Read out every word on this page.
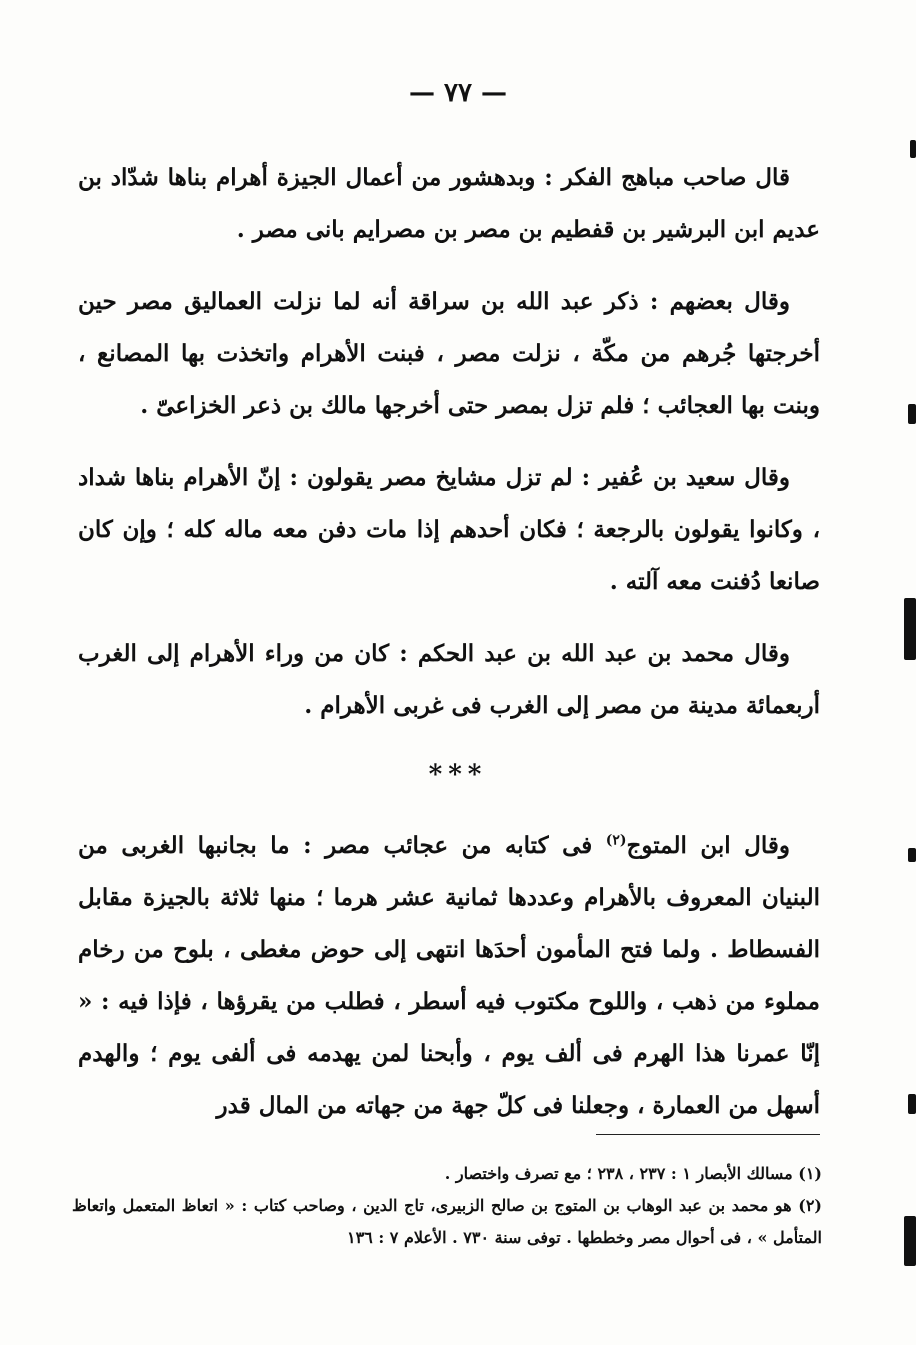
— ٧٧ —

قال صاحب مباهج الفكر : وبدهشور من أعمال الجيزة أهرام بناها شدّاد بن عديم ابن البرشير بن قفطيم بن مصر بن مصرايم بانى مصر .

وقال بعضهم : ذكر عبد الله بن سراقة أنه لما نزلت العماليق مصر حين أخرجتها جُرهم من مكّة ، نزلت مصر ، فبنت الأهرام واتخذت بها المصانع ، وبنت بها العجائب ؛ فلم تزل بمصر حتى أخرجها مالك بن ذعر الخزاعىّ .

وقال سعيد بن عُفير : لم تزل مشايخ مصر يقولون : إنّ الأهرام بناها شداد ، وكانوا يقولون بالرجعة ؛ فكان أحدهم إذا مات دفن معه ماله كله ؛ وإن كان صانعا دُفنت معه آلته .

وقال محمد بن عبد الله بن عبد الحكم : كان من وراء الأهرام إلى الغرب أربعمائة مدينة من مصر إلى الغرب فى غربى الأهرام .

***

وقال ابن المتوج$^{(٢)}$ فى كتابه من عجائب مصر : ما بجانبها الغربى من البنيان المعروف بالأهرام وعددها ثمانية عشر هرما ؛ منها ثلاثة بالجيزة مقابل الفسطاط . ولما فتح المأمون أحدَها انتهى إلى حوض مغطى ، بلوح من رخام مملوء من ذهب ، واللوح مكتوب فيه أسطر ، فطلب من يقرؤها ، فإذا فيه : « إنّا عمرنا هذا الهرم فى ألف يوم ، وأبحنا لمن يهدمه فى ألفى يوم ؛ والهدم أسهل من العمارة ، وجعلنا فى كلّ جهة من جهاته من المال قدر

(١) مسالك الأبصار ١ : ٢٣٧ ، ٢٣٨ ؛ مع تصرف واختصار .

(٢) هو محمد بن عبد الوهاب بن المتوج بن صالح الزبيرى، تاج الدين ، وصاحب كتاب : « اتعاظ المتعمل واتعاظ المتأمل » ، فى أحوال مصر وخططها . توفى سنة ٧٣٠ . الأعلام ٧ : ١٣٦
